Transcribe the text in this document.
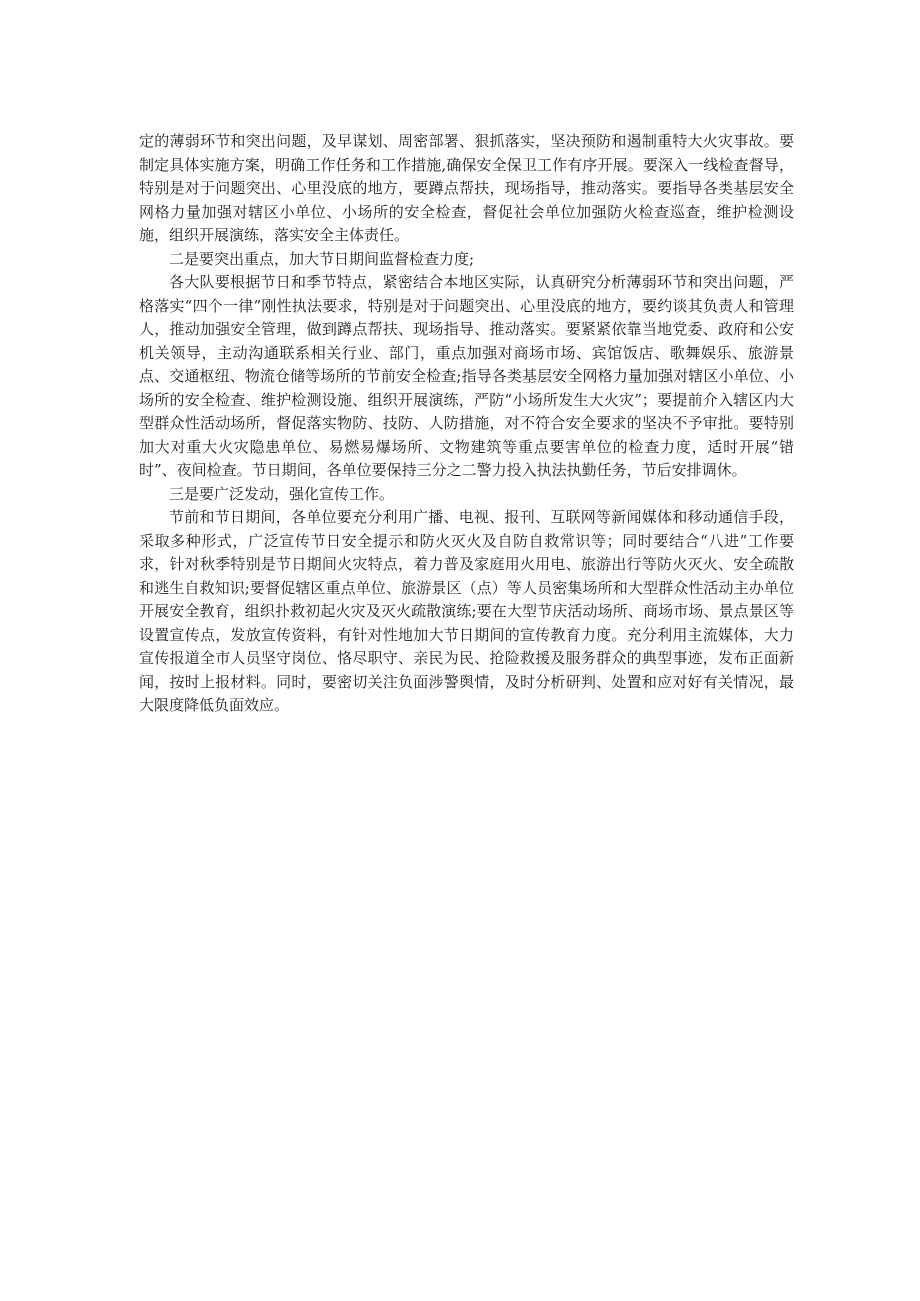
定的薄弱环节和突出问题，及早谋划、周密部署、狠抓落实，坚决预防和遏制重特大火灾事故。要制定具体实施方案，明确工作任务和工作措施,确保安全保卫工作有序开展。要深入一线检查督导，特别是对于问题突出、心里没底的地方，要蹲点帮扶，现场指导，推动落实。要指导各类基层安全网格力量加强对辖区小单位、小场所的安全检查，督促社会单位加强防火检查巡查，维护检测设施，组织开展演练，落实安全主体责任。

二是要突出重点，加大节日期间监督检查力度;

各大队要根据节日和季节特点，紧密结合本地区实际，认真研究分析薄弱环节和突出问题，严格落实“四个一律”刚性执法要求，特别是对于问题突出、心里没底的地方，要约谈其负责人和管理人，推动加强安全管理，做到蹲点帮扶、现场指导、推动落实。要紧紧依靠当地党委、政府和公安机关领导，主动沟通联系相关行业、部门，重点加强对商场市场、宾馆饭店、歌舞娱乐、旅游景点、交通枢纽、物流仓储等场所的节前安全检查;指导各类基层安全网格力量加强对辖区小单位、小场所的安全检查、维护检测设施、组织开展演练，严防“小场所发生大火灾”；要提前介入辖区内大型群众性活动场所，督促落实物防、技防、人防措施，对不符合安全要求的坚决不予审批。要特别加大对重大火灾隐患单位、易燃易爆场所、文物建筑等重点要害单位的检查力度，适时开展“错时”、夜间检查。节日期间，各单位要保持三分之二警力投入执法执勤任务，节后安排调休。

三是要广泛发动，强化宣传工作。

节前和节日期间，各单位要充分利用广播、电视、报刊、互联网等新闻媒体和移动通信手段，采取多种形式，广泛宣传节日安全提示和防火灭火及自防自救常识等；同时要结合“八进”工作要求，针对秋季特别是节日期间火灾特点，着力普及家庭用火用电、旅游出行等防火灭火、安全疏散和逃生自救知识;要督促辖区重点单位、旅游景区（点）等人员密集场所和大型群众性活动主办单位开展安全教育，组织扑救初起火灾及灭火疏散演练;要在大型节庆活动场所、商场市场、景点景区等设置宣传点，发放宣传资料，有针对性地加大节日期间的宣传教育力度。充分利用主流媒体，大力宣传报道全市人员坚守岗位、恪尽职守、亲民为民、抢险救援及服务群众的典型事迹，发布正面新闻，按时上报材料。同时，要密切关注负面涉警舆情，及时分析研判、处置和应对好有关情况，最大限度降低负面效应。
